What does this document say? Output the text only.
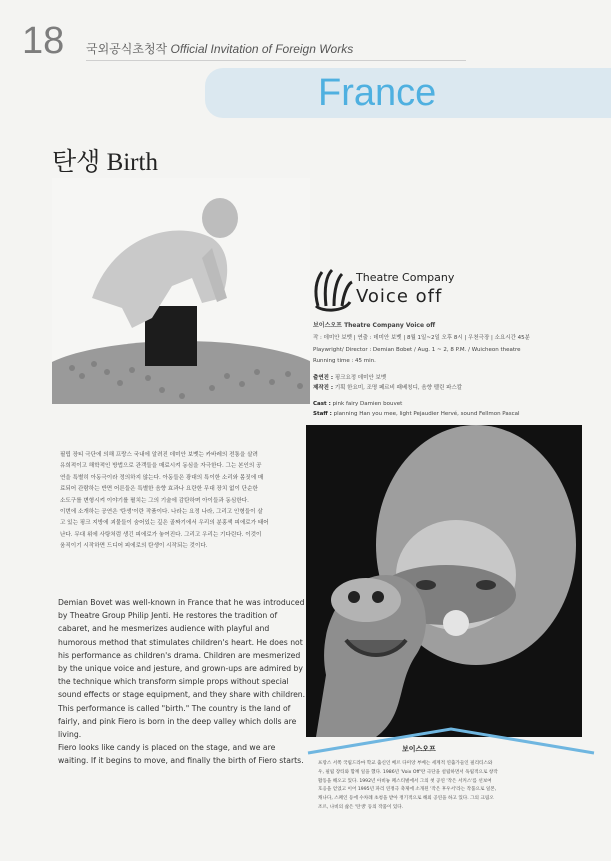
18 국외공식초청작 Official Invitation of Foreign Works
France
탄생 Birth
Theatre Company
Voice off
보이스오프 Theatre Company Voice off
작 : 데미안 보벳 | 연출 : 데미안 보벳 | 8월 1일~2일 오후 8시 | 우천극장 | 소요시간 45분
Playwright/ Director : Demian Bobet / Aug. 1 ~ 2, 8 P.M. / Wuicheon theatre
Running time : 45 min.
출연진 : 핑크요정 데미안 보벳
제작진 : 기획 한요미, 조명 페르비 패베칭디, 음향 펠린 파스칼
Cast : pink fairy Damien bouvet
Staff : planning Han you mee, light Pejaudier Hervé, sound Fellmon Pascal
필립 장티 극단에 의해 프랑스 국내에 알려진 데미안 보벳는 카바레의 전통을 살려
유희적이고 해학적인 방법으로 관객들을 매료시켜 동심을 자극한다. 그는 본인의 공
연을 특별히 아동극이라 정의하지 않는다. 아동들은 광대의 특이한 소리와 몸짓에 매
료되어 관람하는 반면 어른들은 특별한 음향 효과나 요란한 무대 장치 없이 단순한
소도구를 변형시켜 이야기를 펼치는 그의 기술에 감탄하며 아이들과 동심한다.
이번에 소개하는 공연은 '탄생'이란 작품이다. 나라는 요정 나라, 그리고 인형들이 살
고 있는 핑크 지방에 괴물들이 숨어있는 깊은 골짜기에서 우리의 분홍색 피에로가 태어
난다. 무대 위에 사탕처럼 생긴 피에로가 놓여진다. 그리고 우리는 기다린다. 이것이
움직이기 시작하면 드디어 피에로의 탄생이 시작되는 것이다.

Demian Bovet was well-known in France that he was introduced by Theatre Group Philip Jenti. He restores the tradition of cabaret, and he mesmerizes audience with playful and humorous method that stimulates children's heart. He does not his performance as children's drama. Children are mesmerized by the unique voice and jesture, and grown-ups are admired by the technique which transform simple props without special sound effects or stage equipment, and they share with children.

This performance is called "birth." The country is the land of fairly, and pink Fiero is born in the deep valley which dolls are living.

Fiero looks like candy is placed on the stage, and we are waiting. If it begins to move, and finally the birth of Fiero starts.

보이스오프
프랑스 서쪽 국립드라마 학교 출신인 베르 다미앙 부베는 세계적 연출가들인 필리티스와
우, 필립 장티와 함께 일을 했다. 1986년 'Voix Off'란 극단을 설립하면서 독립적으로 창작
활동을 해오고 있다. 1992년 아비뇽 페스티벌에서 그의 첫 공연 '작은 서커스'를 선보여
호응을 얻었고 이어 1995년 파리 연정극 축제에 소개된 '작은 후우서'라는 작품으로 일본,
캐나다, 스페인 등에 수차례 초청을 받아 정기적으로 해외 공연을 하고 있다. 그의 크림오
조르, 나비의 삶은 '탄생' 등의 작품이 있다.
